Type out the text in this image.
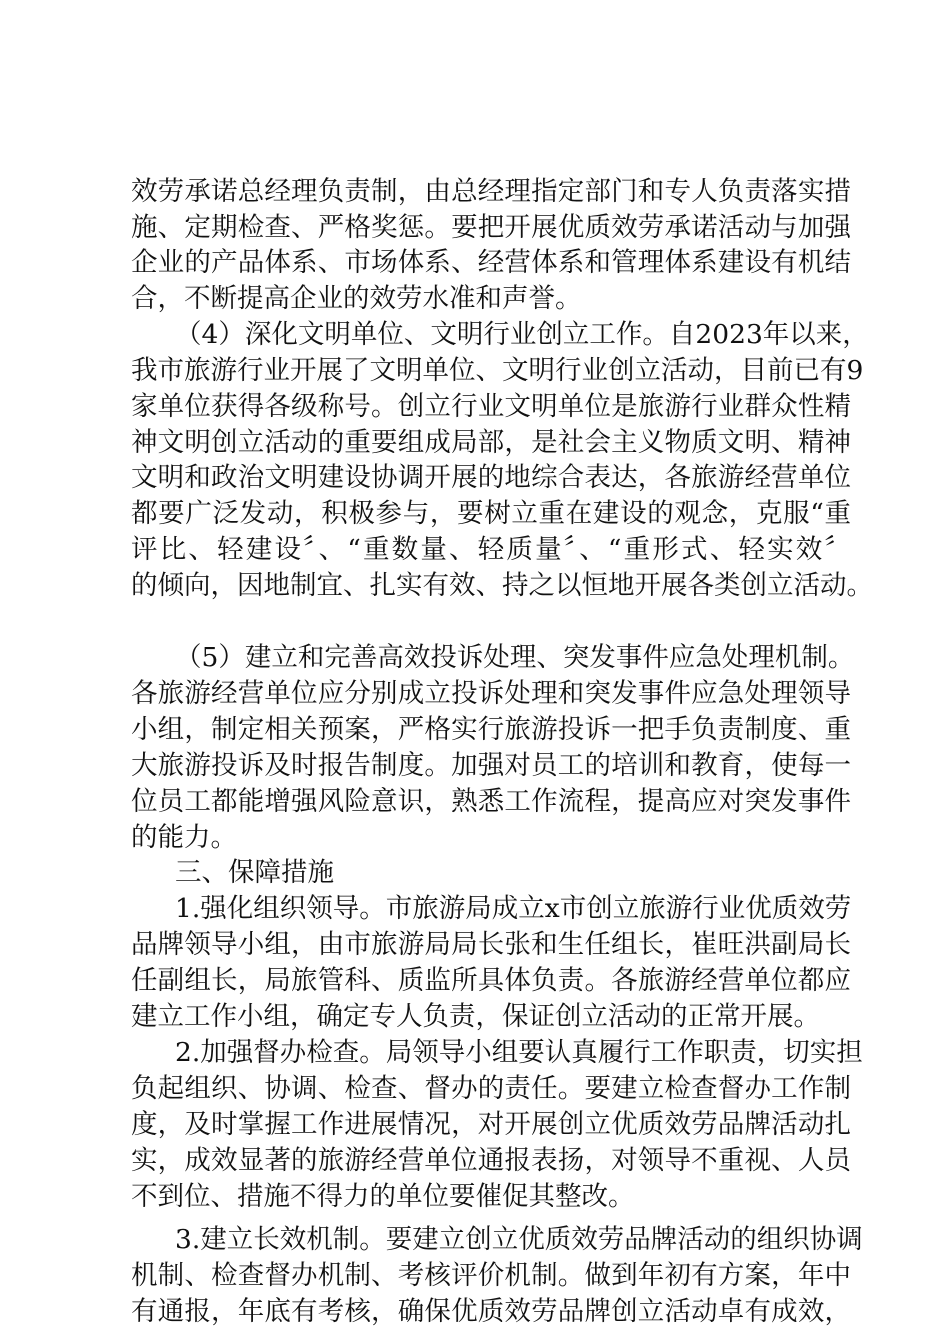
效劳承诺总经理负责制，由总经理指定部门和专人负责落实措
施、定期检查、严格奖惩。要把开展优质效劳承诺活动与加强
企业的产品体系、市场体系、经营体系和管理体系建设有机结
合，不断提高企业的效劳水准和声誉。
（4）深化文明单位、文明行业创立工作。自2023年以来，
我市旅游行业开展了文明单位、文明行业创立活动，目前已有9
家单位获得各级称号。创立行业文明单位是旅游行业群众性精
神文明创立活动的重要组成局部，是社会主义物质文明、精神
文明和政治文明建设协调开展的地综合表达，各旅游经营单位
都要广泛发动，积极参与，要树立重在建设的观念，克服“重
评比、轻建设〞、“重数量、轻质量〞、“重形式、轻实效〞
的倾向，因地制宜、扎实有效、持之以恒地开展各类创立活动。
（5）建立和完善高效投诉处理、突发事件应急处理机制。
各旅游经营单位应分别成立投诉处理和突发事件应急处理领导
小组，制定相关预案，严格实行旅游投诉一把手负责制度、重
大旅游投诉及时报告制度。加强对员工的培训和教育，使每一
位员工都能增强风险意识，熟悉工作流程，提高应对突发事件
的能力。
三、保障措施
1.强化组织领导。市旅游局成立x市创立旅游行业优质效劳
品牌领导小组，由市旅游局局长张和生任组长，崔旺洪副局长
任副组长，局旅管科、质监所具体负责。各旅游经营单位都应
建立工作小组，确定专人负责，保证创立活动的正常开展。
2.加强督办检查。局领导小组要认真履行工作职责，切实担
负起组织、协调、检查、督办的责任。要建立检查督办工作制
度，及时掌握工作进展情况，对开展创立优质效劳品牌活动扎
实，成效显著的旅游经营单位通报表扬，对领导不重视、人员
不到位、措施不得力的单位要催促其整改。
3.建立长效机制。要建立创立优质效劳品牌活动的组织协调
机制、检查督办机制、考核评价机制。做到年初有方案，年中
有通报，年底有考核，确保优质效劳品牌创立活动卓有成效，
